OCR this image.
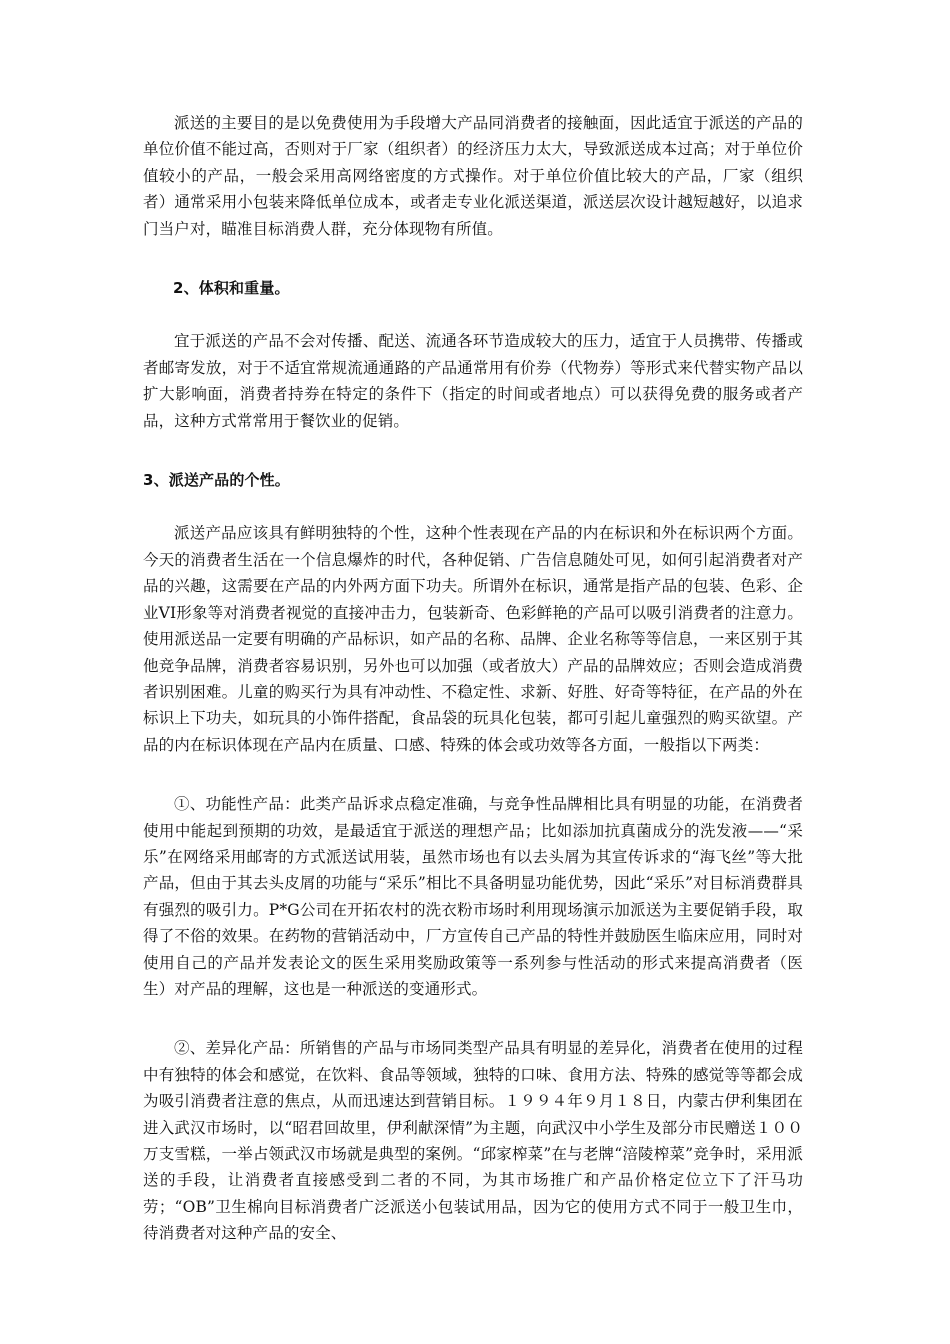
派送的主要目的是以免费使用为手段增大产品同消费者的接触面，因此适宜于派送的产品的单位价值不能过高，否则对于厂家（组织者）的经济压力太大，导致派送成本过高；对于单位价值较小的产品，一般会采用高网络密度的方式操作。对于单位价值比较大的产品，厂家（组织者）通常采用小包装来降低单位成本，或者走专业化派送渠道，派送层次设计越短越好，以追求门当户对，瞄准目标消费人群，充分体现物有所值。

2、体积和重量。

宜于派送的产品不会对传播、配送、流通各环节造成较大的压力，适宜于人员携带、传播或者邮寄发放，对于不适宜常规流通通路的产品通常用有价券（代物券）等形式来代替实物产品以扩大影响面，消费者持券在特定的条件下（指定的时间或者地点）可以获得免费的服务或者产品，这种方式常常用于餐饮业的促销。

3、派送产品的个性。

派送产品应该具有鲜明独特的个性，这种个性表现在产品的内在标识和外在标识两个方面。今天的消费者生活在一个信息爆炸的时代，各种促销、广告信息随处可见，如何引起消费者对产品的兴趣，这需要在产品的内外两方面下功夫。所谓外在标识，通常是指产品的包装、色彩、企业VI形象等对消费者视觉的直接冲击力，包装新奇、色彩鲜艳的产品可以吸引消费者的注意力。使用派送品一定要有明确的产品标识，如产品的名称、品牌、企业名称等等信息，一来区别于其他竞争品牌，消费者容易识别，另外也可以加强（或者放大）产品的品牌效应；否则会造成消费者识别困难。儿童的购买行为具有冲动性、不稳定性、求新、好胜、好奇等特征，在产品的外在标识上下功夫，如玩具的小饰件搭配，食品袋的玩具化包装，都可引起儿童强烈的购买欲望。产品的内在标识体现在产品内在质量、口感、特殊的体会或功效等各方面，一般指以下两类：

①、功能性产品：此类产品诉求点稳定准确，与竞争性品牌相比具有明显的功能，在消费者使用中能起到预期的功效，是最适宜于派送的理想产品；比如添加抗真菌成分的洗发液——“采乐”在网络采用邮寄的方式派送试用装，虽然市场也有以去头屑为其宣传诉求的“海飞丝”等大批产品，但由于其去头皮屑的功能与“采乐”相比不具备明显功能优势，因此“采乐”对目标消费群具有强烈的吸引力。P*G公司在开拓农村的洗衣粉市场时利用现场演示加派送为主要促销手段，取得了不俗的效果。在药物的营销活动中，厂方宣传自己产品的特性并鼓励医生临床应用，同时对使用自己的产品并发表论文的医生采用奖励政策等一系列参与性活动的形式来提高消费者（医生）对产品的理解，这也是一种派送的变通形式。

②、差异化产品：所销售的产品与市场同类型产品具有明显的差异化，消费者在使用的过程中有独特的体会和感觉，在饮料、食品等领域，独特的口味、食用方法、特殊的感觉等等都会成为吸引消费者注意的焦点，从而迅速达到营销目标。１９９４年９月１８日，内蒙古伊利集团在进入武汉市场时，以“昭君回故里，伊利献深情”为主题，向武汉中小学生及部分市民赠送１００万支雪糕，一举占领武汉市场就是典型的案例。“邱家榨菜”在与老牌“涪陵榨菜”竞争时，采用派送的手段，让消费者直接感受到二者的不同，为其市场推广和产品价格定位立下了汗马功劳；“OB”卫生棉向目标消费者广泛派送小包装试用品，因为它的使用方式不同于一般卫生巾，待消费者对这种产品的安全、
